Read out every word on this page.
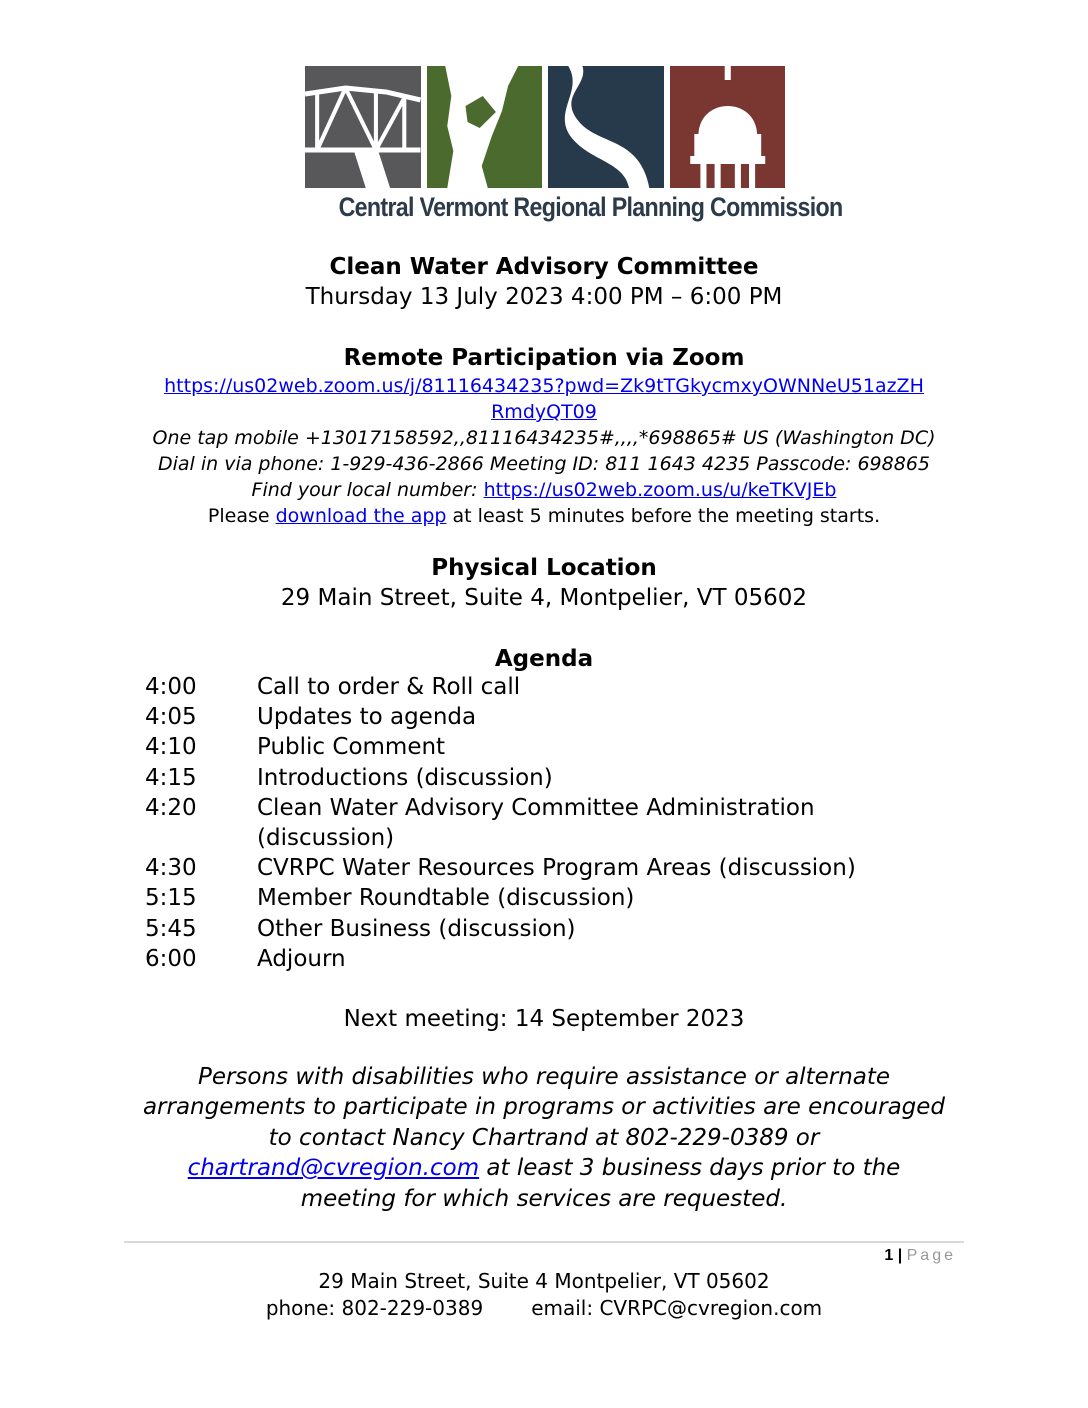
Central Vermont Regional Planning Commission
Clean Water Advisory Committee
Thursday 13 July 2023 4:00 PM – 6:00 PM
Remote Participation via Zoom
https://us02web.zoom.us/j/81116434235?pwd=Zk9tTGkycmxyOWNNeU51azZH
RmdyQT09
One tap mobile +13017158592,,81116434235#,,,,*698865# US (Washington DC)
Dial in via phone: 1-929-436-2866 Meeting ID: 811 1643 4235 Passcode: 698865
Find your local number: https://us02web.zoom.us/u/keTKVJEb
Please download the app at least 5 minutes before the meeting starts.
Physical Location
29 Main Street, Suite 4, Montpelier, VT 05602
Agenda
4:00	Call to order & Roll call
4:05	Updates to agenda
4:10	Public Comment
4:15	Introductions (discussion)
4:20	Clean Water Advisory Committee Administration (discussion)
4:30	CVRPC Water Resources Program Areas (discussion)
5:15	Member Roundtable (discussion)
5:45	Other Business (discussion)
6:00	Adjourn
Next meeting: 14 September 2023
Persons with disabilities who require assistance or alternate arrangements to participate in programs or activities are encouraged to contact Nancy Chartrand at 802-229-0389 or chartrand@cvregion.com at least 3 business days prior to the meeting for which services are requested.
1 | Page
29 Main Street, Suite 4 Montpelier, VT 05602
phone: 802-229-0389 email: CVRPC@cvregion.com
